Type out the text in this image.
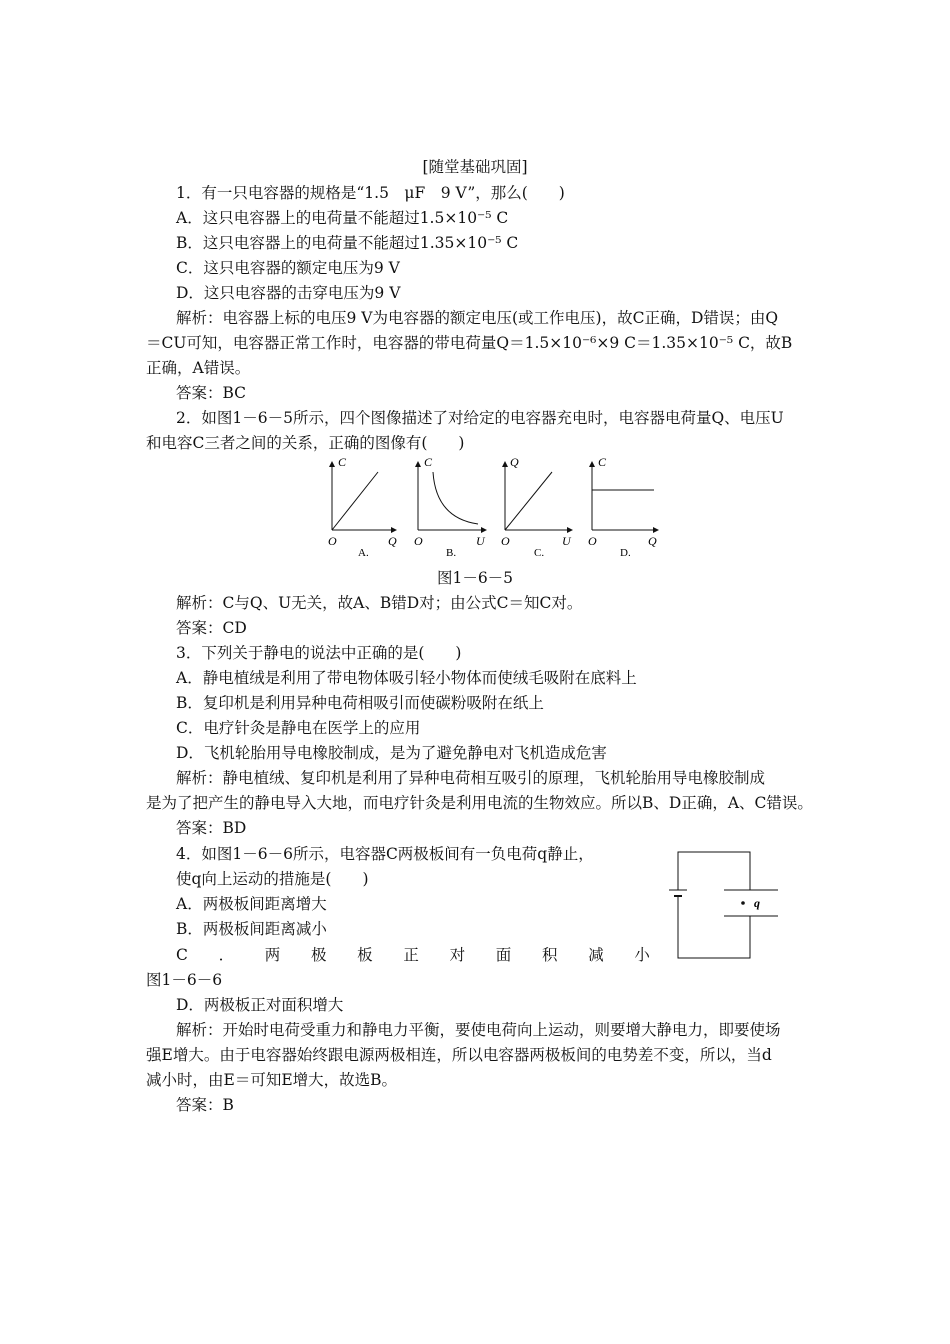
[随堂基础巩固]
1．有一只电容器的规格是“1.5　μF　9 V”，那么(　　)
A．这只电容器上的电荷量不能超过1.5×10⁻⁵ C
B．这只电容器上的电荷量不能超过1.35×10⁻⁵ C
C．这只电容器的额定电压为9 V
D．这只电容器的击穿电压为9 V
解析：电容器上标的电压9 V为电容器的额定电压(或工作电压)，故C正确，D错误；由Q
＝CU可知，电容器正常工作时，电容器的带电荷量Q＝1.5×10⁻⁶×9 C＝1.35×10⁻⁵ C，故B
正确，A错误。
答案：BC
2．如图1－6－5所示，四个图像描述了对给定的电容器充电时，电容器电荷量Q、电压U
和电容C三者之间的关系，正确的图像有(　　)
C
Q
O
A.
C
U
O
B.
Q
U
O
C.
C
Q
O
D.
图1－6－5
解析：C与Q、U无关，故A、B错D对；由公式C＝知C对。
答案：CD
3．下列关于静电的说法中正确的是(　　)
A．静电植绒是利用了带电物体吸引轻小物体而使绒毛吸附在底料上
B．复印机是利用异种电荷相吸引而使碳粉吸附在纸上
C．电疗针灸是静电在医学上的应用
D．飞机轮胎用导电橡胶制成，是为了避免静电对飞机造成危害
解析：静电植绒、复印机是利用了异种电荷相互吸引的原理，飞机轮胎用导电橡胶制成
是为了把产生的静电导入大地，而电疗针灸是利用电流的生物效应。所以B、D正确，A、C错误。
答案：BD
4．如图1－6－6所示，电容器C两极板间有一负电荷q静止，
使q向上运动的措施是(　　)
A．两极板间距离增大
B．两极板间距离减小
C ． 两 极 板 正 对 面 积 减 小
图1－6－6
D．两极板正对面积增大
解析：开始时电荷受重力和静电力平衡，要使电荷向上运动，则要增大静电力，即要使场
强E增大。由于电容器始终跟电源两极相连，所以电容器两极板间的电势差不变，所以，当d
减小时，由E＝可知E增大，故选B。
答案：B
q
